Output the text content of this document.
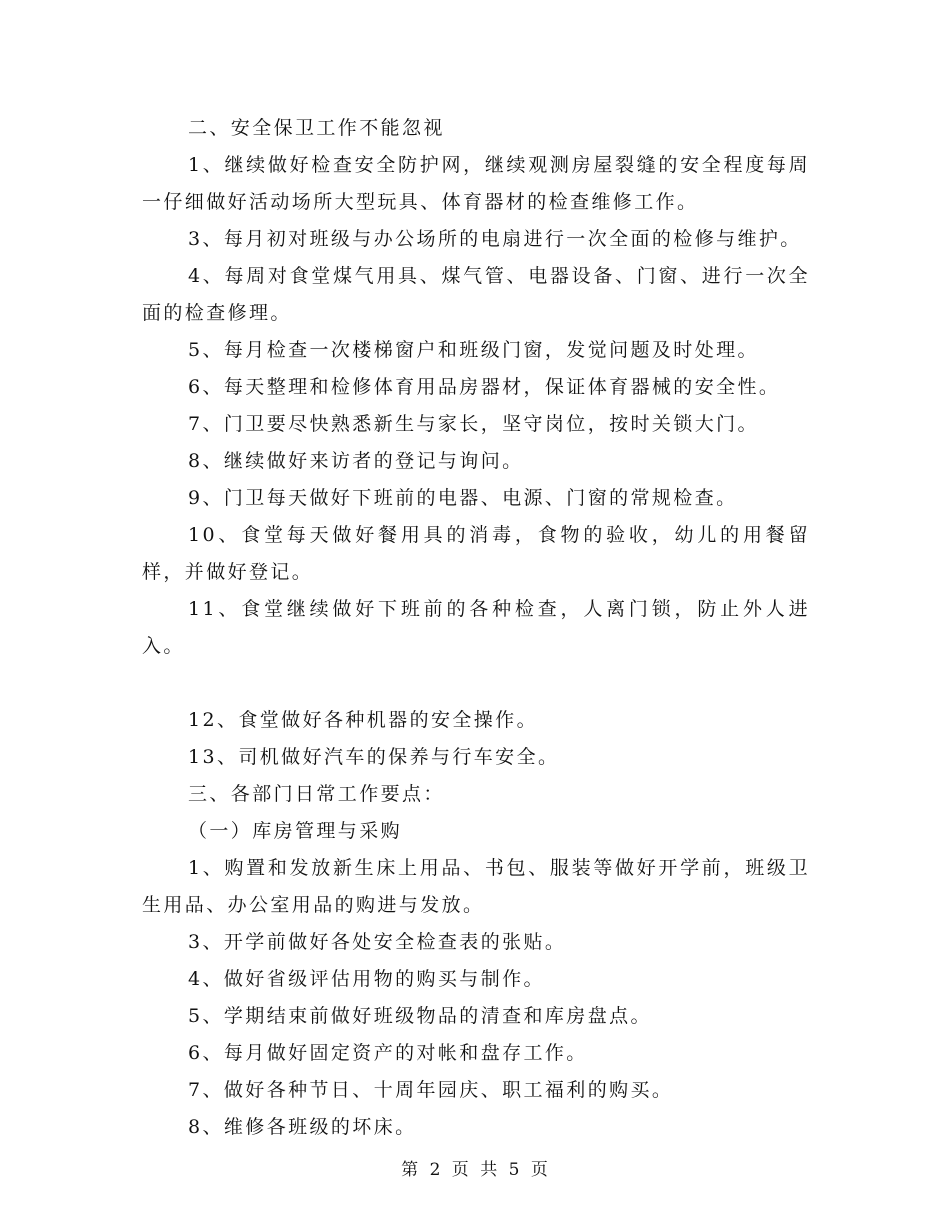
二、安全保卫工作不能忽视

1、继续做好检查安全防护网，继续观测房屋裂缝的安全程度每周一仔细做好活动场所大型玩具、体育器材的检查维修工作。

3、每月初对班级与办公场所的电扇进行一次全面的检修与维护。

4、每周对食堂煤气用具、煤气管、电器设备、门窗、进行一次全面的检查修理。

5、每月检查一次楼梯窗户和班级门窗，发觉问题及时处理。

6、每天整理和检修体育用品房器材，保证体育器械的安全性。

7、门卫要尽快熟悉新生与家长，坚守岗位，按时关锁大门。

8、继续做好来访者的登记与询问。

9、门卫每天做好下班前的电器、电源、门窗的常规检查。

10、食堂每天做好餐用具的消毒，食物的验收，幼儿的用餐留样，并做好登记。

11、食堂继续做好下班前的各种检查，人离门锁，防止外人进入。

12、食堂做好各种机器的安全操作。

13、司机做好汽车的保养与行车安全。

三、各部门日常工作要点：

（一）库房管理与采购

1、购置和发放新生床上用品、书包、服装等做好开学前，班级卫生用品、办公室用品的购进与发放。

3、开学前做好各处安全检查表的张贴。

4、做好省级评估用物的购买与制作。

5、学期结束前做好班级物品的清查和库房盘点。

6、每月做好固定资产的对帐和盘存工作。

7、做好各种节日、十周年园庆、职工福利的购买。

8、维修各班级的坏床。

第 2 页 共 5 页
